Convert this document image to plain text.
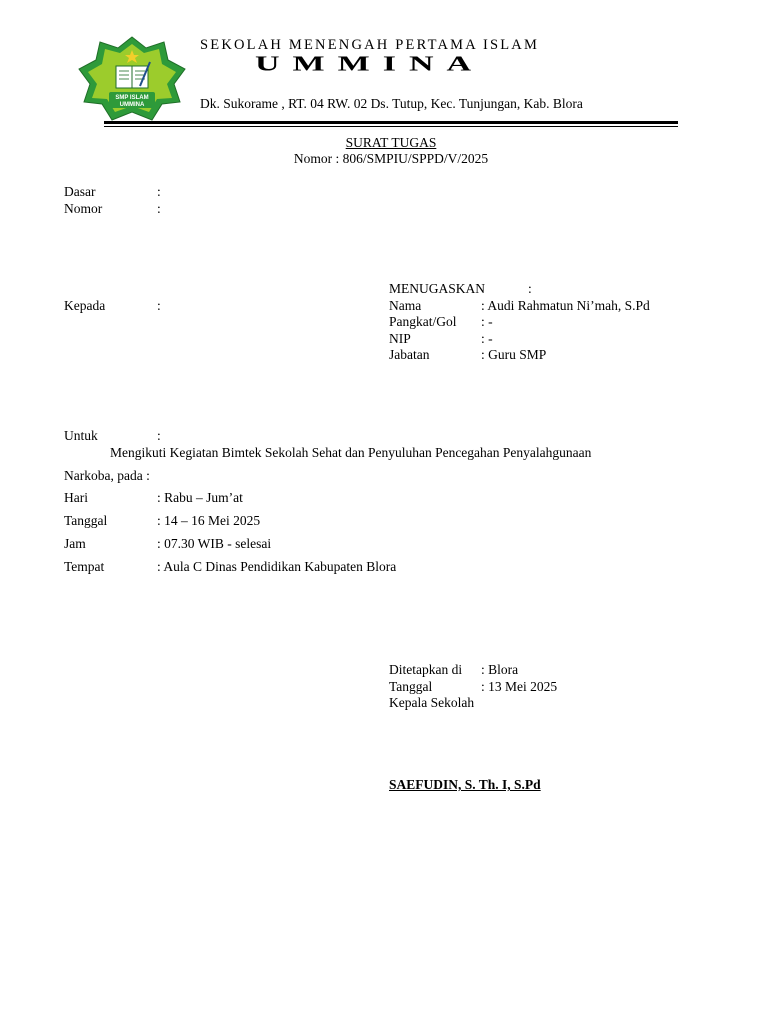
SMP ISLAM
UMMINA
SEKOLAH MENENGAH PERTAMA ISLAM
UMMINA
Dk. Sukorame , RT. 04 RW. 02 Ds. Tutup, Kec. Tunjungan, Kab. Blora
SURAT TUGAS
Nomor : 806/SMPIU/SPPD/V/2025
Dasar	:
Nomor	:
MENUGASKAN	:
Kepada	:	Nama	: Audi Rahmatun Ni’mah, S.Pd
Pangkat/Gol : -
NIP	: -
Jabatan	: Guru SMP
Untuk	:
Mengikuti Kegiatan Bimtek Sekolah Sehat dan Penyuluhan Pencegahan Penyalahgunaan
Narkoba, pada :
Hari	: Rabu – Jum’at
Tanggal	: 14 – 16 Mei 2025
Jam	: 07.30 WIB - selesai
Tempat	: Aula C Dinas Pendidikan Kabupaten Blora
Ditetapkan di : Blora
Tanggal	: 13 Mei 2025
Kepala Sekolah
SAEFUDIN, S. Th. I, S.Pd
